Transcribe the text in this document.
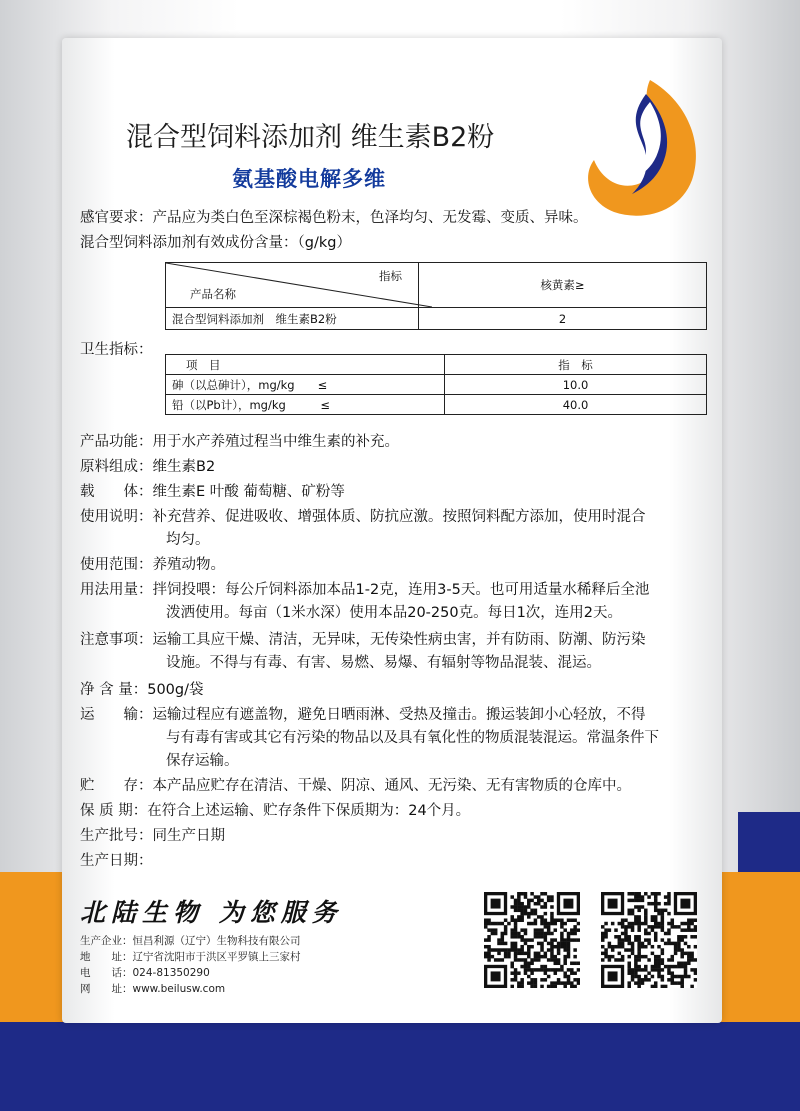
混合型饲料添加剂 维生素B2粉
氨基酸电解多维
感官要求：产品应为类白色至深棕褐色粉末，色泽均匀、无发霉、变质、异味。
混合型饲料添加剂有效成份含量：（g/kg）
指标
产品名称	核黄素≥
混合型饲料添加剂　维生素B2粉	2
卫生指标：
项　目	指　标
砷（以总砷计），mg/kg　　≤	10.0
铅（以Pb计），mg/kg　　　≤	40.0
产品功能：用于水产养殖过程当中维生素的补充。
原料组成：维生素B2
载　　体：维生素E 叶酸 葡萄糖、矿粉等
使用说明：补充营养、促进吸收、增强体质、防抗应激。按照饲料配方添加，使用时混合
均匀。
使用范围：养殖动物。
用法用量：拌饲投喂：每公斤饲料添加本品1-2克，连用3-5天。也可用适量水稀释后全池
泼洒使用。每亩（1米水深）使用本品20-250克。每日1次，连用2天。
注意事项：运输工具应干燥、清洁，无异味，无传染性病虫害，并有防雨、防潮、防污染
设施。不得与有毒、有害、易燃、易爆、有辐射等物品混装、混运。
净 含 量：500g/袋
运　　输：运输过程应有遮盖物，避免日晒雨淋、受热及撞击。搬运装卸小心轻放，不得
与有毒有害或其它有污染的物品以及具有氧化性的物质混装混运。常温条件下
保存运输。
贮　　存：本产品应贮存在清洁、干燥、阴凉、通风、无污染、无有害物质的仓库中。
保 质 期：在符合上述运输、贮存条件下保质期为：24个月。
生产批号：同生产日期
生产日期：
北陆生物 为您服务
生产企业：恒昌利源（辽宁）生物科技有限公司
地　　址：辽宁省沈阳市于洪区平罗镇上三家村
电　　话：024-81350290
网　　址：www.beilusw.com
